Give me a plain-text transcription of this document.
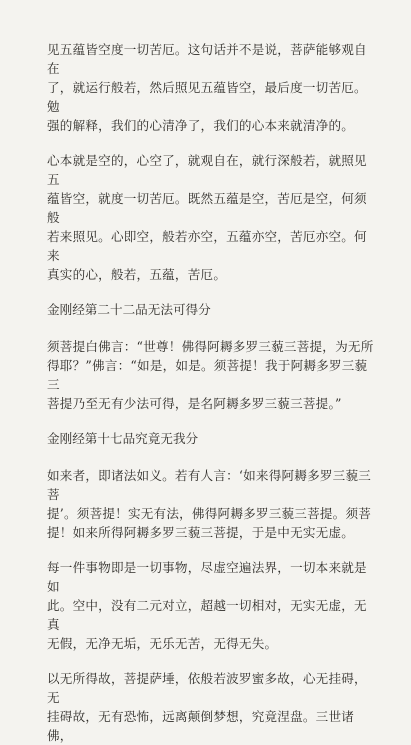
见五蕴皆空度一切苦厄。这句话并不是说，菩萨能够观自在
了，就运行般若，然后照见五蕴皆空，最后度一切苦厄。勉
强的解释，我们的心清净了，我们的心本来就清净的。

心本就是空的，心空了，就观自在，就行深般若，就照见五
蕴皆空，就度一切苦厄。既然五蕴是空，苦厄是空，何须般
若来照见。心即空，般若亦空，五蕴亦空，苦厄亦空。何来
真实的心，般若，五蕴，苦厄。

金刚经第二十二品无法可得分

须菩提白佛言：“世尊！佛得阿耨多罗三藐三菩提，为无所
得耶？”佛言：“如是，如是。须菩提！我于阿耨多罗三藐三
菩提乃至无有少法可得，是名阿耨多罗三藐三菩提。”

金刚经第十七品究竟无我分

如来者，即诸法如义。若有人言：‘如来得阿耨多罗三藐三菩
提’。须菩提！实无有法，佛得阿耨多罗三藐三菩提。须菩
提！如来所得阿耨多罗三藐三菩提，于是中无实无虚。

每一件事物即是一切事物，尽虚空遍法界，一切本来就是如
此。空中，没有二元对立，超越一切相对，无实无虚，无真
无假，无净无垢，无乐无苦，无得无失。

以无所得故，菩提萨埵，依般若波罗蜜多故，心无挂碍，无
挂碍故，无有恐怖，远离颠倒梦想，究竟涅盘。三世诸佛，
